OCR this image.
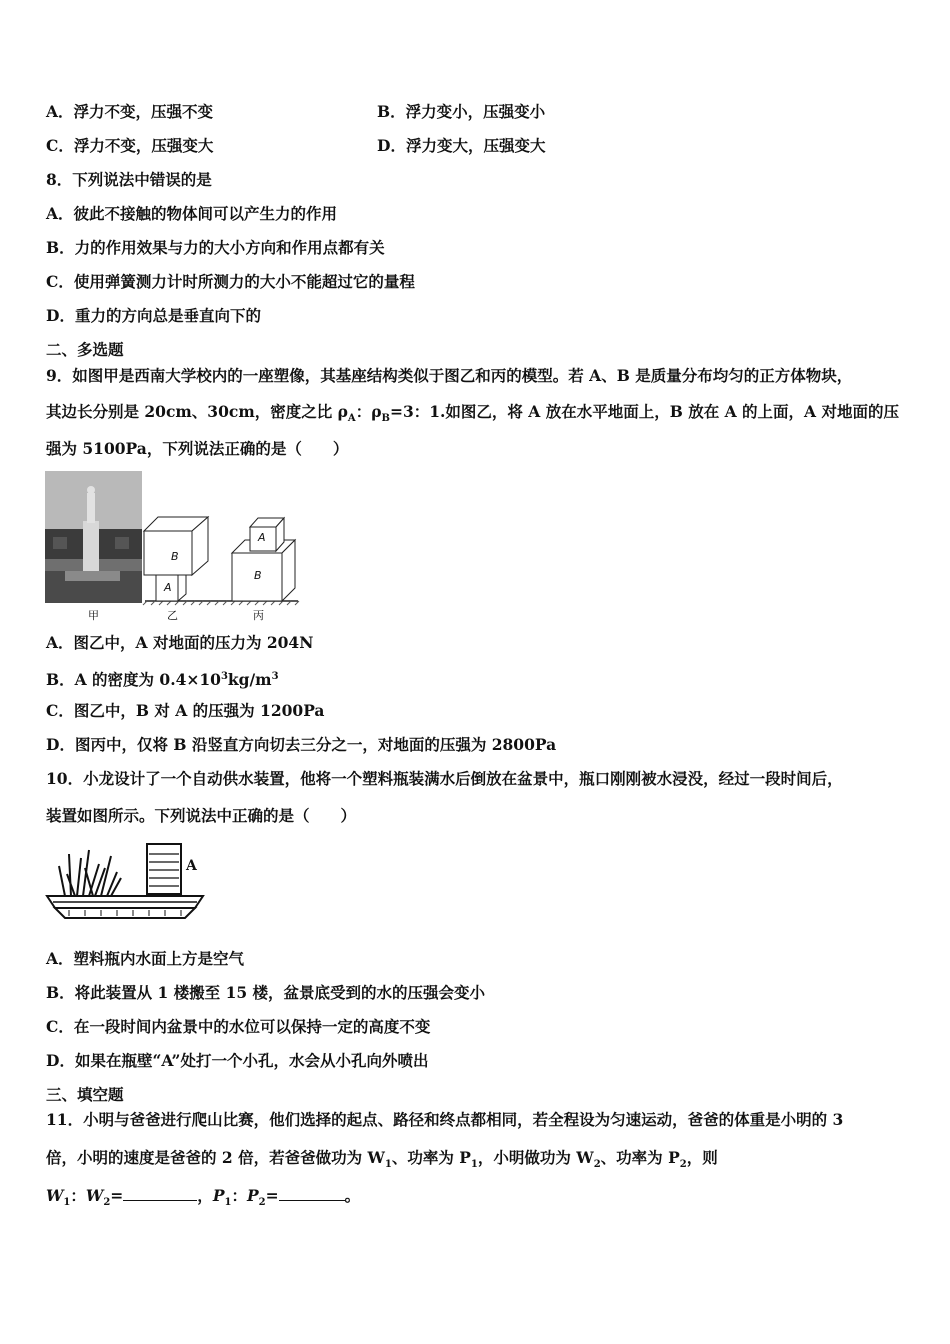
A．浮力不变，压强不变	B．浮力变小，压强变小
C．浮力不变，压强变大	D．浮力变大，压强变大
8．下列说法中错误的是
A．彼此不接触的物体间可以产生力的作用
B．力的作用效果与力的大小方向和作用点都有关
C．使用弹簧测力计时所测力的大小不能超过它的量程
D．重力的方向总是垂直向下的
二、多选题
9．如图甲是西南大学校内的一座塑像，其基座结构类似于图乙和丙的模型。若 A、B 是质量分布均匀的正方体物块，
其边长分别是 20cm、30cm，密度之比 $\rho_A$：$\rho_B=3$：1.如图乙，将 A 放在水平地面上，B 放在 A 的上面，A 对地面的压
强为 5100Pa，下列说法正确的是（　　）
B
A
B
A
甲	乙	丙
A．图乙中，A 对地面的压力为 204N
B．A 的密度为 $0.4\times 10^3kg/m^3$
C．图乙中，B 对 A 的压强为 1200Pa
D．图丙中，仅将 B 沿竖直方向切去三分之一，对地面的压强为 2800Pa
10．小龙设计了一个自动供水装置，他将一个塑料瓶装满水后倒放在盆景中，瓶口刚刚被水浸没，经过一段时间后，
装置如图所示。下列说法中正确的是（　　）
A
A．塑料瓶内水面上方是空气
B．将此装置从 1 楼搬至 15 楼，盆景底受到的水的压强会变小
C．在一段时间内盆景中的水位可以保持一定的高度不变
D．如果在瓶壁“A”处打一个小孔，水会从小孔向外喷出
三、填空题
11．小明与爸爸进行爬山比赛，他们选择的起点、路径和终点都相同，若全程设为匀速运动，爸爸的体重是小明的 3
倍，小明的速度是爸爸的 2 倍，若爸爸做功为 $W_1$、功率为 $P_1$，小明做功为 $W_2$、功率为 $P_2$，则
$W_1$：$W_2=$	，$P_1$：$P_2=$	。
